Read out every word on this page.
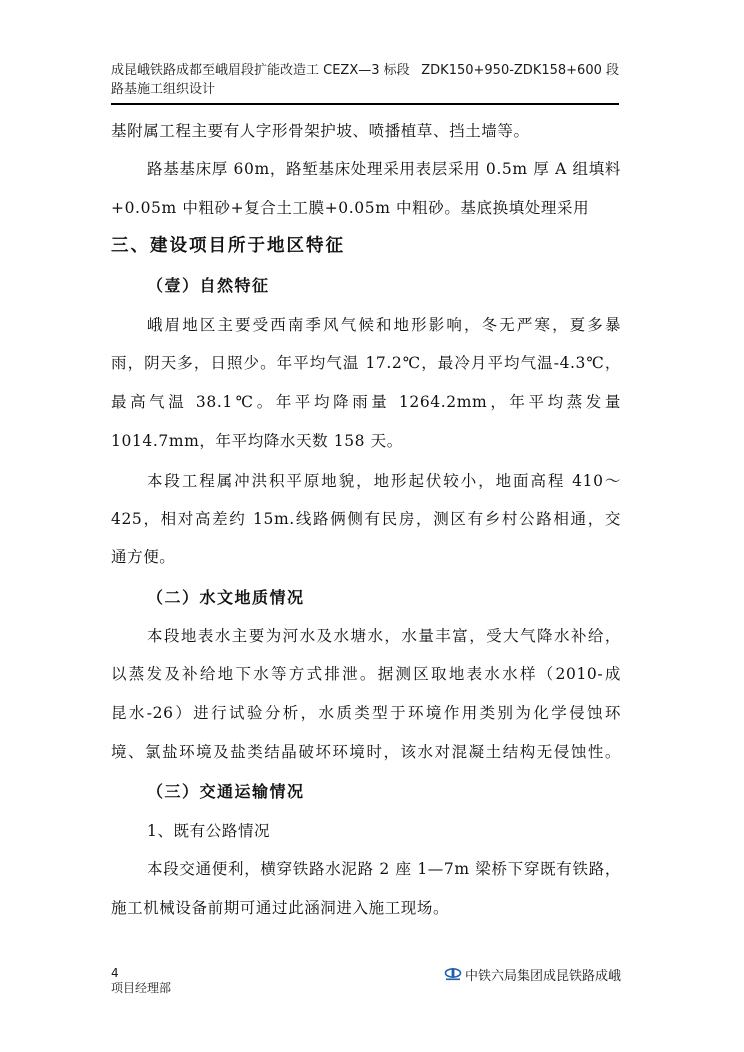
成昆峨铁路成都至峨眉段扩能改造工 CEZX—3 标段 ZDK150+950-ZDK158+600 段
路基施工组织设计
基附属工程主要有人字形骨架护坡、喷播植草、挡土墙等。
路基基床厚 60m，路堑基床处理采用表层采用 0.5m 厚 A 组填料
+0.05m 中粗砂+复合土工膜+0.05m 中粗砂。基底换填处理采用
三、建设项目所于地区特征
（壹）自然特征
峨眉地区主要受西南季风气候和地形影响，冬无严寒，夏多暴
雨，阴天多，日照少。年平均气温 17.2℃，最冷月平均气温-4.3℃，
最高气温 38.1℃。年平均降雨量 1264.2mm，年平均蒸发量
1014.7mm，年平均降水天数 158 天。
本段工程属冲洪积平原地貌，地形起伏较小，地面高程 410～
425，相对高差约 15m.线路俩侧有民房，测区有乡村公路相通，交
通方便。
（二）水文地质情况
本段地表水主要为河水及水塘水，水量丰富，受大气降水补给，
以蒸发及补给地下水等方式排泄。据测区取地表水水样（2010-成
昆水-26）进行试验分析，水质类型于环境作用类别为化学侵蚀环
境、氯盐环境及盐类结晶破坏环境时，该水对混凝土结构无侵蚀性。
（三）交通运输情况
1、既有公路情况
本段交通便利，横穿铁路水泥路 2 座 1—7m 梁桥下穿既有铁路，
施工机械设备前期可通过此涵洞进入施工现场。
4
项目经理部
中铁六局集团成昆铁路成峨
